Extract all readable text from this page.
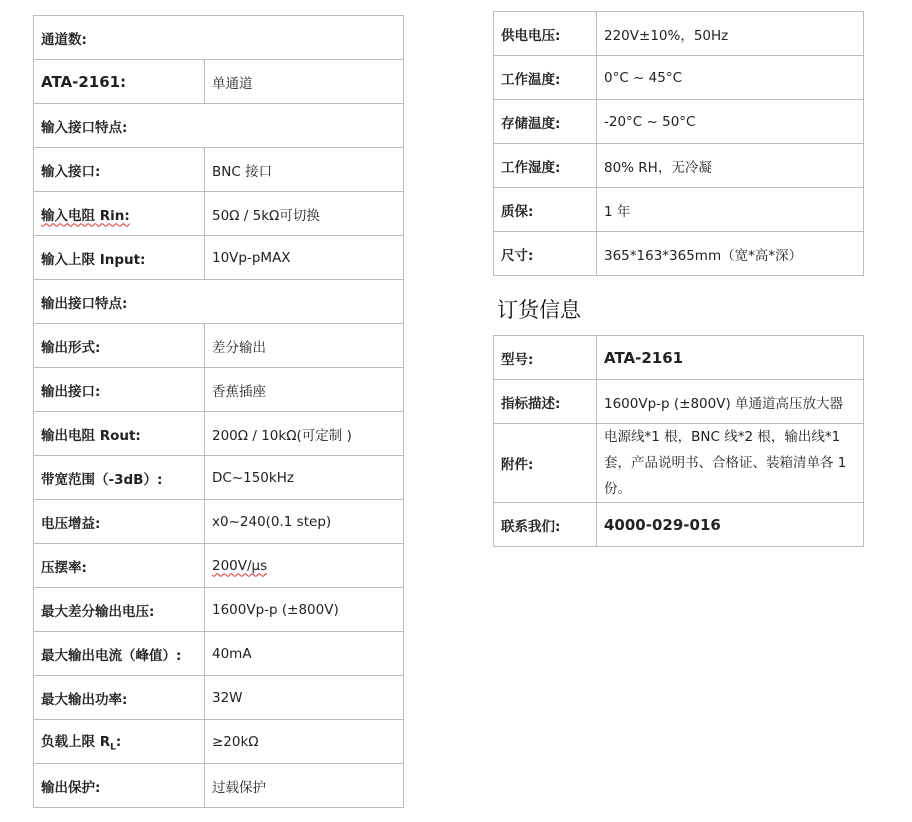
通道数:	
ATA-2161:	单通道
输入接口特点:	
输入接口:	BNC 接口
输入电阻 Rin:	50Ω / 5kΩ可切换
输入上限 Input:	10Vp-pMAX
输出接口特点:	
输出形式:	差分输出
输出接口:	香蕉插座
输出电阻 Rout:	200Ω / 10kΩ(可定制 )
带宽范围（-3dB）:	DC~150kHz
电压增益:	x0~240(0.1 step)
压摆率:	200V/μs
最大差分输出电压:	1600Vp-p (±800V)
最大输出电流（峰值）:	40mA
最大输出功率:	32W
负载上限 $R_L$:	≥20kΩ
输出保护:	过载保护
供电电压:	220V±10%，50Hz
工作温度:	0°C ~ 45°C
存储温度:	-20°C ~ 50°C
工作湿度:	80% RH，无冷凝
质保:	1 年
尺寸:	365*163*365mm（宽*高*深）
订货信息
型号:	ATA-2161
指标描述:	1600Vp-p (±800V) 单通道高压放大器
附件:	电源线*1 根，BNC 线*2 根，输出线*1 套，产品说明书、合格证、装箱清单各 1 份。
联系我们:	4000-029-016
